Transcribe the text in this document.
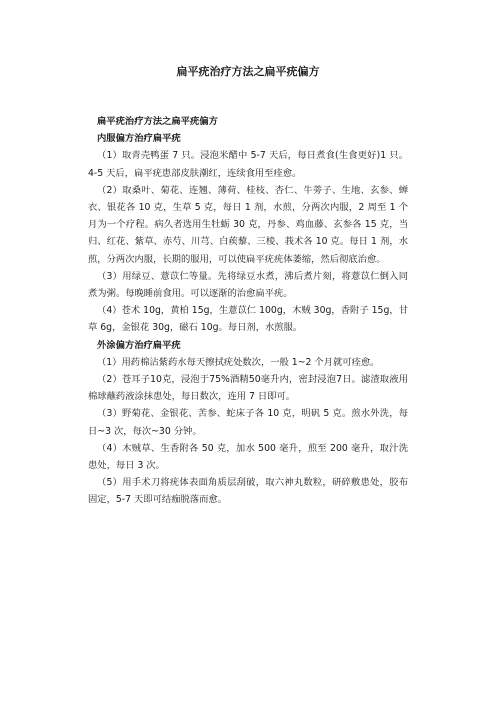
扁平疣治疗方法之扁平疣偏方

扁平疣治疗方法之扁平疣偏方

内服偏方治疗扁平疣

（1）取青壳鸭蛋 7 只。浸泡米醋中 5-7 天后，每日煮食(生食更好)1 只。4-5 天后，扁平疣患部皮肤潮红，连续食用至痊愈。

（2）取桑叶、菊花、连翘、薄荷、桂枝、杏仁、牛蒡子、生地、玄参、蝉衣、银花各 10 克，生草 5 克，每日 1 剂，水煎，分两次内服，2 周至 1 个月为一个疗程。病久者选用生牡蛎 30 克，丹参、鸡血藤、玄参各 15 克，当归、红花、紫草、赤芍、川芎、白蒺藜、三棱、莪术各 10 克。每日 1 剂，水煎，分两次内服，长期的服用，可以使扁平疣疣体萎缩，然后彻底治愈。

（3）用绿豆、薏苡仁等量。先将绿豆水煮，沸后煮片刻，将薏苡仁倒入同煮为粥。每晚睡前食用。可以逐渐的治愈扁平疣。

（4）苍术 10g，黄柏 15g，生薏苡仁 100g，木贼 30g，香附子 15g，甘草 6g，金银花 30g，磁石 10g。每日剂，水煎服。

外涂偏方治疗扁平疣

（1）用药棉沾紫药水每天擦拭疣处数次，一般 1~2 个月就可痊愈。

（2）苍耳子10克，浸泡于75%酒精50毫升内，密封浸泡7日。滤渣取液用棉球蘸药液涂抹患处，每日数次，连用 7 日即可。

（3）野菊花、金银花、苦参、蛇床子各 10 克，明矾 5 克。煎水外洗，每日~3 次，每次~30 分钟。

（4）木贼草、生香附各 50 克，加水 500 毫升，煎至 200 毫升，取汁洗患处，每日 3 次。

（5）用手术刀将疣体表面角质层刮破，取六神丸数粒，研碎敷患处，胶布固定，5-7 天即可结痂脱落而愈。
